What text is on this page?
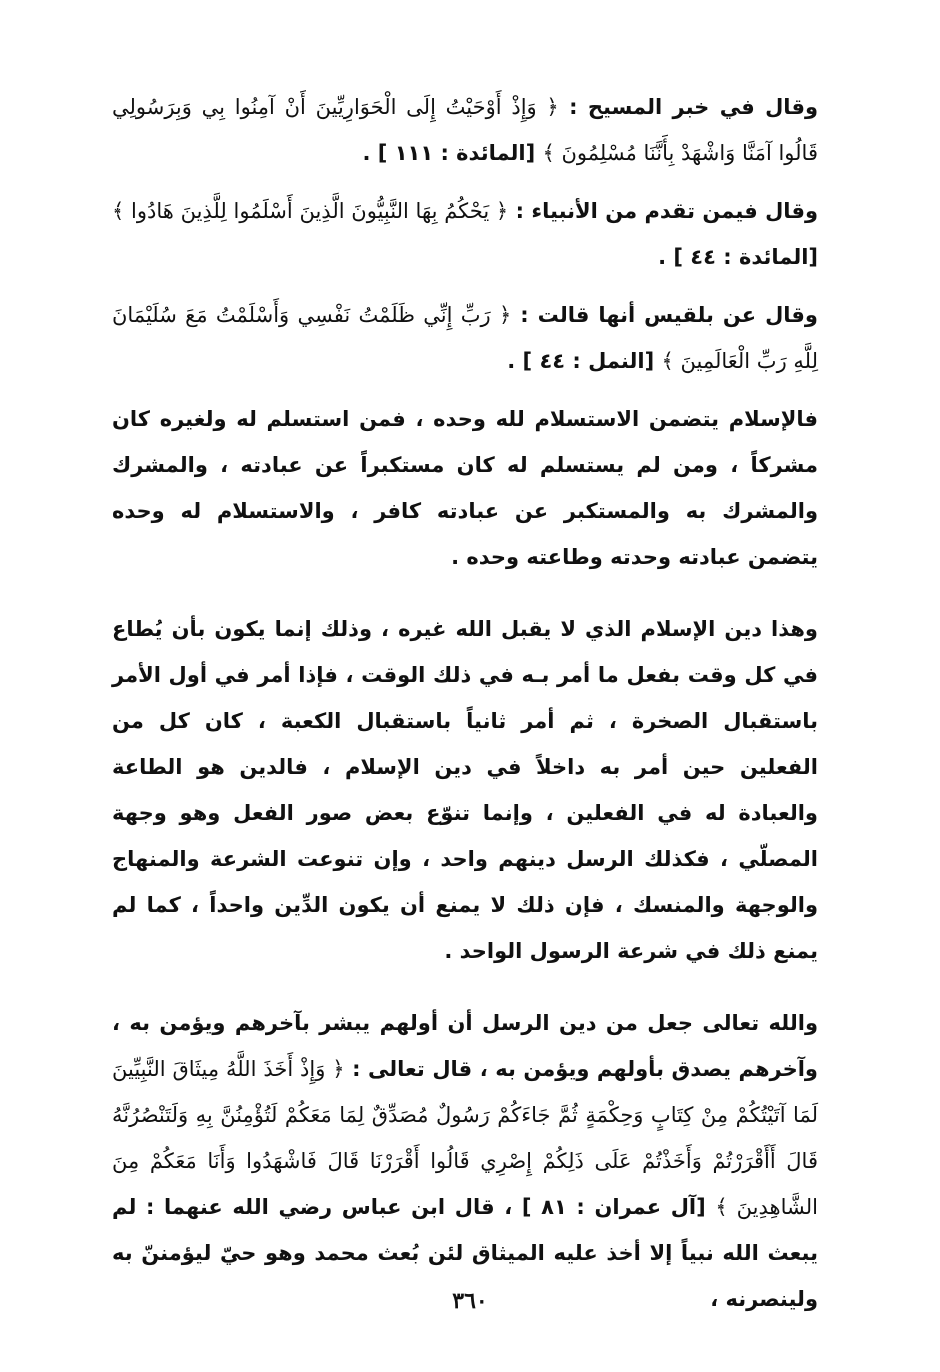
وقال في خبر المسيح : ﴿ وَإِذْ أَوْحَيْتُ إِلَى الْحَوَارِيِّينَ أَنْ آمِنُوا بِي وَبِرَسُولِي قَالُوا آمَنَّا وَاشْهَدْ بِأَنَّنَا مُسْلِمُونَ ﴾ [المائدة : ١١١ ] .

وقال فيمن تقدم من الأنبياء : ﴿ يَحْكُمُ بِهَا النَّبِيُّونَ الَّذِينَ أَسْلَمُوا لِلَّذِينَ هَادُوا ﴾ [المائدة : ٤٤ ] .

وقال عن بلقيس أنها قالت : ﴿ رَبِّ إِنِّي ظَلَمْتُ نَفْسِي وَأَسْلَمْتُ مَعَ سُلَيْمَانَ لِلَّهِ رَبِّ الْعَالَمِينَ ﴾ [النمل : ٤٤ ] .

فالإسلام يتضمن الاستسلام لله وحده ، فمن استسلم له ولغيره كان مشركاً ، ومن لم يستسلم له كان مستكبراً عن عبادته ، والمشرك والمشرك به والمستكبر عن عبادته كافر ، والاستسلام له وحده يتضمن عبادته وحدته وطاعته وحده .

وهذا دين الإسلام الذي لا يقبل الله غيره ، وذلك إنما يكون بأن يُطاع في كل وقت بفعل ما أمر بـه في ذلك الوقت ، فإذا أمر في أول الأمر باستقبال الصخرة ، ثم أمر ثانياً باستقبال الكعبة ، كان كل من الفعلين حين أمر به داخلاً في دين الإسلام ، فالدين هو الطاعة والعبادة له في الفعلين ، وإنما تنوّع بعض صور الفعل وهو وجهة المصلّي ، فكذلك الرسل دينهم واحد ، وإن تنوعت الشرعة والمنهاج والوجهة والمنسك ، فإن ذلك لا يمنع أن يكون الدِّين واحداً ، كما لم يمنع ذلك في شرعة الرسول الواحد .

والله تعالى جعل من دين الرسل أن أولهم يبشر بآخرهم ويؤمن به ، وآخرهم يصدق بأولهم ويؤمن به ، قال تعالى : ﴿ وَإِذْ أَخَذَ اللَّهُ مِيثَاقَ النَّبِيِّينَ لَمَا آتَيْتُكُمْ مِنْ كِتَابٍ وَحِكْمَةٍ ثُمَّ جَاءَكُمْ رَسُولٌ مُصَدِّقٌ لِمَا مَعَكُمْ لَتُؤْمِنُنَّ بِهِ وَلَتَنْصُرُنَّهُ قَالَ أَأَقْرَرْتُمْ وَأَخَذْتُمْ عَلَى ذَلِكُمْ إِصْرِي قَالُوا أَقْرَرْنَا قَالَ فَاشْهَدُوا وَأَنَا مَعَكُمْ مِنَ الشَّاهِدِينَ ﴾ [آل عمران : ٨١ ] ، قال ابن عباس رضي الله عنهما : لم يبعث الله نبياً إلا أخذ عليه الميثاق لئن بُعث محمد وهو حيّ ليؤمننّ به ولينصرنه ،

٣٦٠
